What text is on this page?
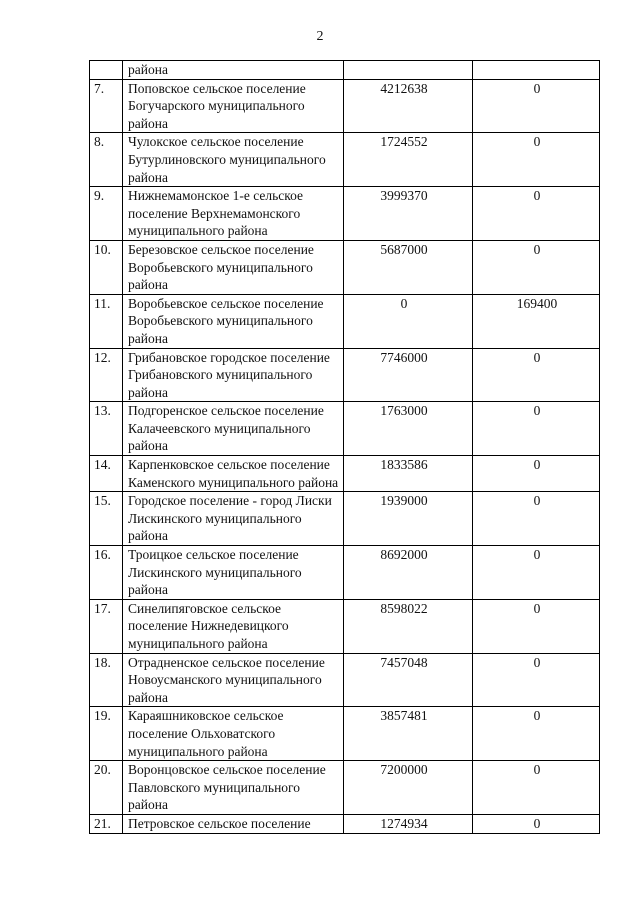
2
	района		
7.	Поповское сельское поселение Богучарского муниципального района	4212638	0
8.	Чулокское сельское поселение Бутурлиновского муниципального района	1724552	0
9.	Нижнемамонское 1-е сельское поселение Верхнемамонского муниципального района	3999370	0
10.	Березовское сельское поселение Воробьевского муниципального района	5687000	0
11.	Воробьевское сельское поселение Воробьевского муниципального района	0	169400
12.	Грибановское городское поселение Грибановского муниципального района	7746000	0
13.	Подгоренское сельское поселение Калачеевского муниципального района	1763000	0
14.	Карпенковское сельское поселение Каменского муниципального района	1833586	0
15.	Городское поселение - город Лиски Лискинского муниципального района	1939000	0
16.	Троицкое сельское поселение Лискинского муниципального района	8692000	0
17.	Синелипяговское сельское поселение Нижнедевицкого муниципального района	8598022	0
18.	Отрадненское сельское поселение Новоусманского муниципального района	7457048	0
19.	Караяшниковское сельское поселение Ольховатского муниципального района	3857481	0
20.	Воронцовское сельское поселение Павловского муниципального района	7200000	0
21.	Петровское сельское поселение	1274934	0
